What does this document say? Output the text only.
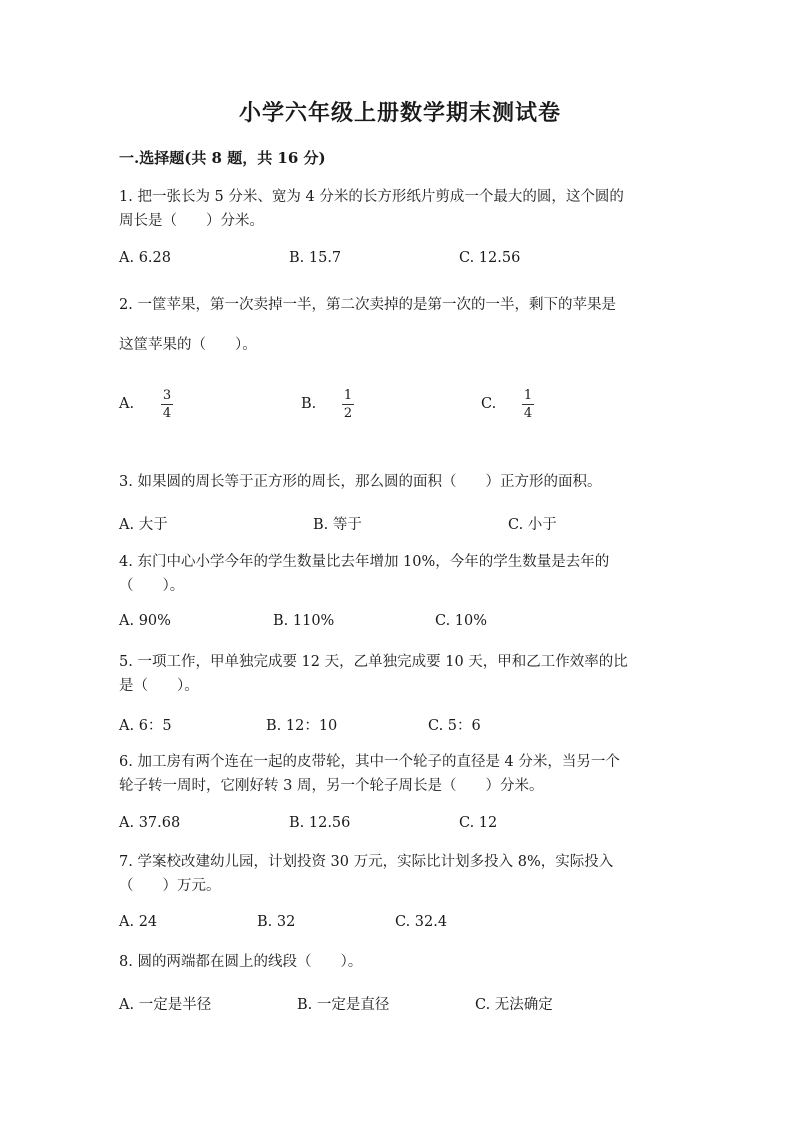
小学六年级上册数学期末测试卷
一.选择题(共 8 题，共 16 分)
1. 把一张长为 5 分米、宽为 4 分米的长方形纸片剪成一个最大的圆，这个圆的
周长是（　　）分米。
A. 6.28	B. 15.7	C. 12.56
2. 一筐苹果，第一次卖掉一半，第二次卖掉的是第一次的一半，剩下的苹果是
这筐苹果的（　　）。
A.
3
4
B.
1
2
C.
1
4
3. 如果圆的周长等于正方形的周长，那么圆的面积（　　）正方形的面积。
A. 大于	B. 等于	C. 小于
4. 东门中心小学今年的学生数量比去年增加 10%，今年的学生数量是去年的
（　　）。
A. 90%	B. 110%	C. 10%
5. 一项工作，甲单独完成要 12 天，乙单独完成要 10 天，甲和乙工作效率的比
是（　　）。
A. 6：5	B. 12：10	C. 5：6
6. 加工房有两个连在一起的皮带轮，其中一个轮子的直径是 4 分米，当另一个
轮子转一周时，它刚好转 3 周，另一个轮子周长是（　　）分米。
A. 37.68	B. 12.56	C. 12
7. 学案校改建幼儿园，计划投资 30 万元，实际比计划多投入 8%，实际投入
（　　）万元。
A. 24	B. 32	C. 32.4
8. 圆的两端都在圆上的线段（　　）。
A. 一定是半径	B. 一定是直径	C. 无法确定
